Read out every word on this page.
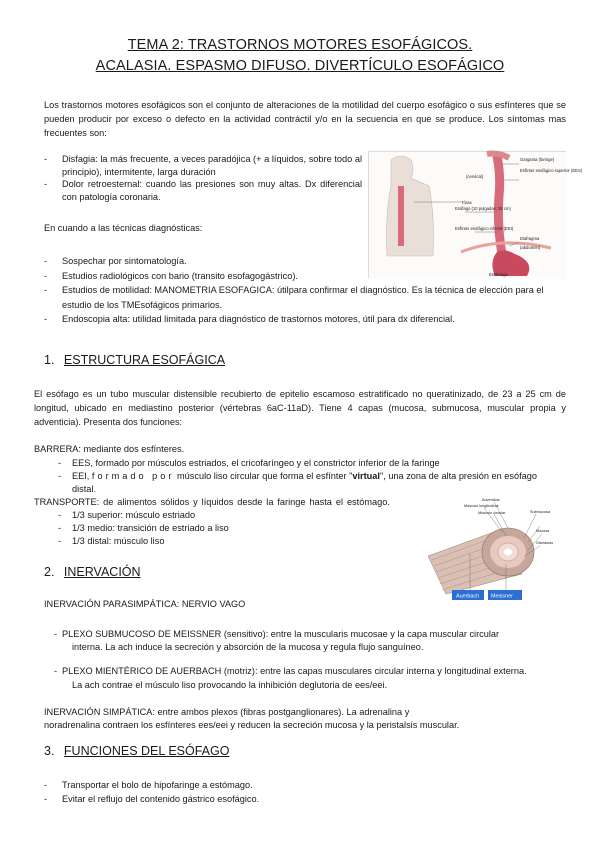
TEMA 2: TRASTORNOS MOTORES ESOFÁGICOS.
ACALASIA. ESPASMO DIFUSO. DIVERTÍCULO ESOFÁGICO

Los trastornos motores esofágicos son el conjunto de alteraciones de la motilidad del cuerpo esofágico o sus esfínteres que se pueden producir por exceso o defecto en la actividad contráctil y/o en la secuencia en que se produce. Los síntomas mas frecuentes son:

- Disfagia: la más frecuente, a veces paradójica (+ a líquidos, sobre todo al principio), intermitente, larga duración
- Dolor retroesternal: cuando las presiones son muy altas. Dx diferencial con patología coronaria.
En cuando a las técnicas diagnósticas:
- Sospechar por sintomatología.
- Estudios radiológicos con bario (transito esofagogástrico).
- Estudios de motilidad: MANOMETRIA ESOFAGICA: útilpara confirmar el diagnóstico. Es la técnica de elección para el estudio de los TMEsofágicos primarios.
- Endoscopia alta: utilidad limitada para diagnóstico de trastornos motores, útil para dx diferencial.
Garganta (faringe)
Esfínter esofágico superior (EES)
(cervical)
Tórax
Esófago (10 pulgadas; 25 cm)
Esfínter esofágico inferior (EEI)
Diafragma
(abdomen)
Estómago
1. ESTRUCTURA ESOFÁGICA

El esófago es un tubo muscular distensible recubierto de epitelio escamoso estratificado no queratinizado, de 23 a 25 cm de longitud, ubicado en mediastino posterior (vértebras 6aC-11aD). Tiene 4 capas (mucosa, submucosa, muscular propia y adventicia). Presenta dos funciones:

BARRERA: mediante dos esfínteres.
- EES, formado por músculos estriados, el cricofaríngeo y el constrictor inferior de la faringe
- EEI, formado por músculo liso circular que forma el esfínter "virtual", una zona de alta presión en esófago
distal.
TRANSPORTE: de alimentos sólidos y líquidos desde la faringe hasta el estómago.
- 1/3 superior: músculo estriado
- 1/3 medio: transición de estriado a liso
- 1/3 distal: músculo liso
Adventicia
Músculo longitudinal
Músculo circular	Submucosa
Mucosa
Glándulas
Auerbach Meissner
2. INERVACIÓN
INERVACIÓN PARASIMPÁTICA: NERVIO VAGO
- PLEXO SUBMUCOSO DE MEISSNER (sensitivo): entre la muscularis mucosae y la capa muscular circular
interna. La ach induce la secreción y absorción de la mucosa y regula flujo sanguíneo.
- PLEXO MIENTÉRICO DE AUERBACH (motriz): entre las capas musculares circular interna y longitudinal externa.
La ach contrae el músculo liso provocando la inhibición deglutoria de ees/eei.
INERVACIÓN SIMPÁTICA: entre ambos plexos (fibras postganglionares). La adrenalina y
noradrenalina contraen los esfínteres ees/eei y reducen la secreción mucosa y la peristalsis muscular.
3. FUNCIONES DEL ESÓFAGO
- Transportar el bolo de hipofaringe a estómago.
- Evitar el reflujo del contenido gástrico esofágico.
